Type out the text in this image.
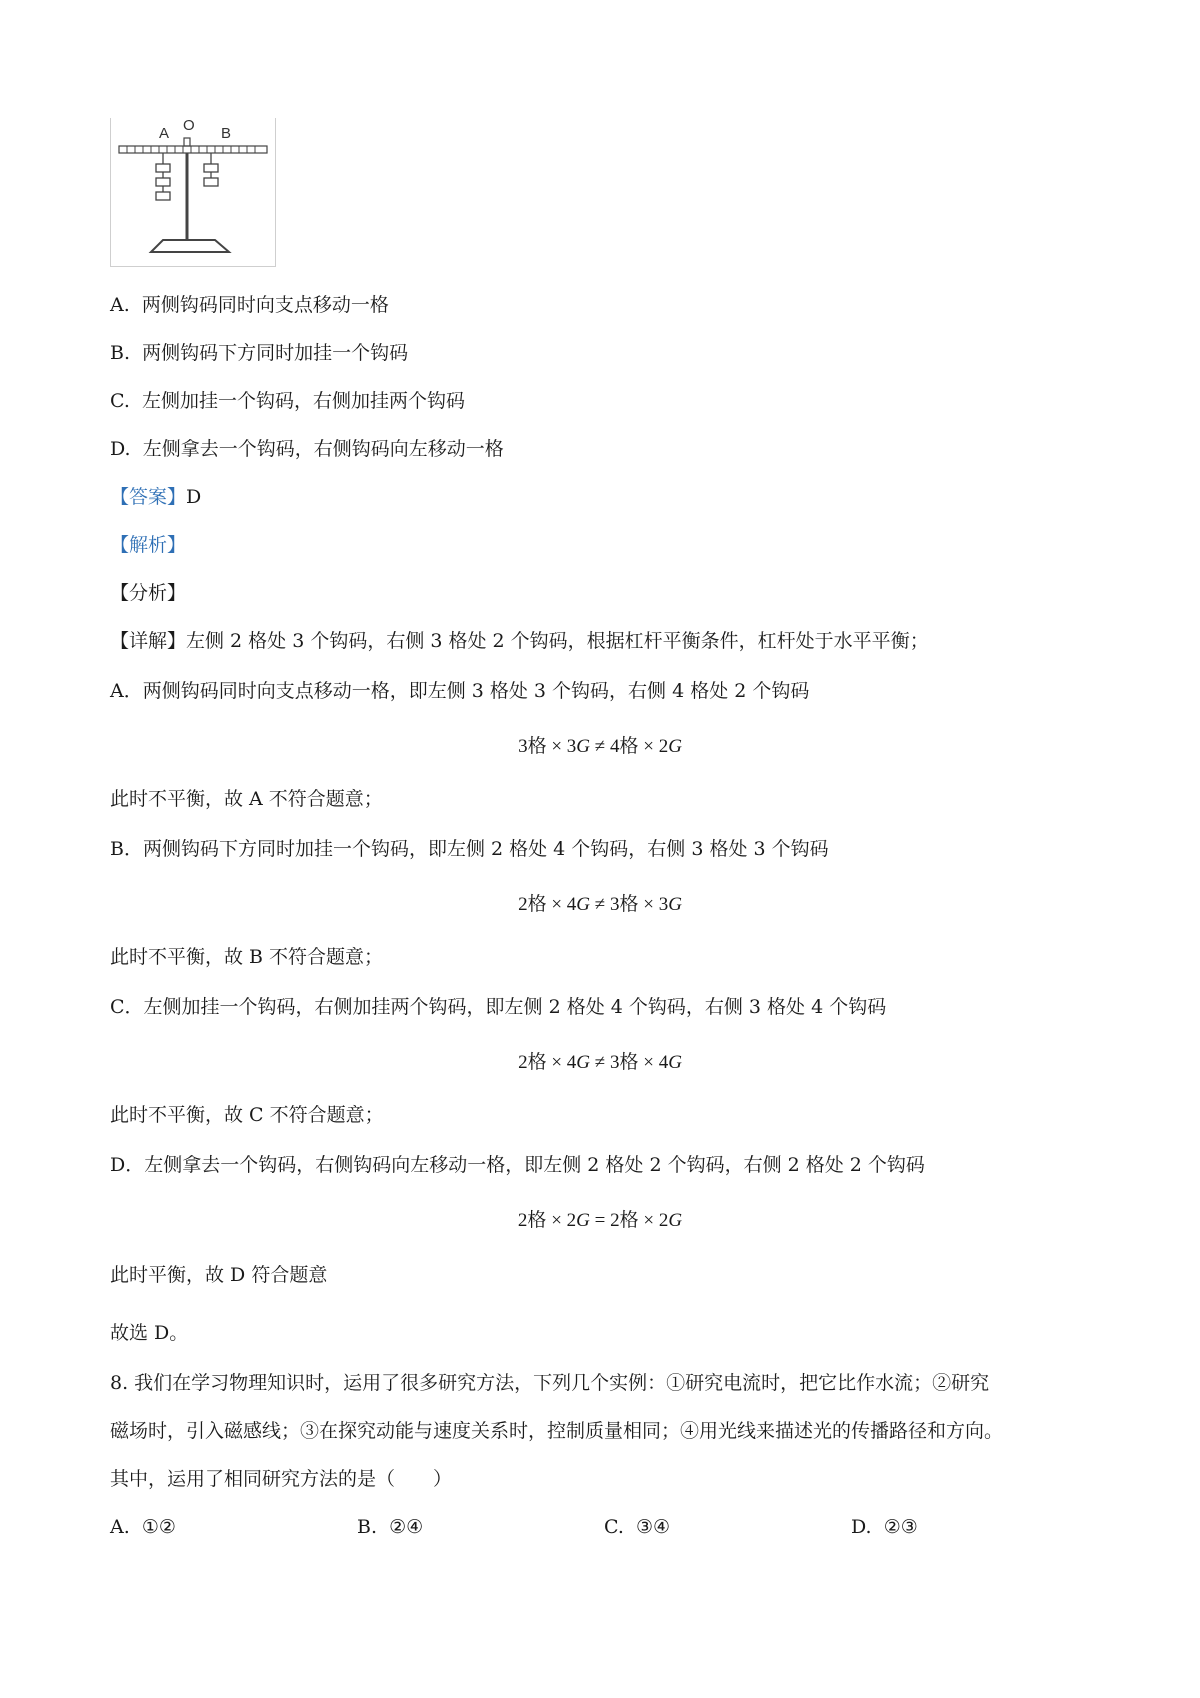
A O B
A. 两侧钩码同时向支点移动一格
B. 两侧钩码下方同时加挂一个钩码
C. 左侧加挂一个钩码，右侧加挂两个钩码
D. 左侧拿去一个钩码，右侧钩码向左移动一格
【答案】D
【解析】
【分析】
【详解】左侧 2 格处 3 个钩码，右侧 3 格处 2 个钩码，根据杠杆平衡条件，杠杆处于水平平衡；
A．两侧钩码同时向支点移动一格，即左侧 3 格处 3 个钩码，右侧 4 格处 2 个钩码
3格 × 3G ≠ 4格 × 2G
此时不平衡，故 A 不符合题意；
B．两侧钩码下方同时加挂一个钩码，即左侧 2 格处 4 个钩码，右侧 3 格处 3 个钩码
2格 × 4G ≠ 3格 × 3G
此时不平衡，故 B 不符合题意；
C．左侧加挂一个钩码，右侧加挂两个钩码，即左侧 2 格处 4 个钩码，右侧 3 格处 4 个钩码
2格 × 4G ≠ 3格 × 4G
此时不平衡，故 C 不符合题意；
D．左侧拿去一个钩码，右侧钩码向左移动一格，即左侧 2 格处 2 个钩码，右侧 2 格处 2 个钩码
2格 × 2G = 2格 × 2G
此时平衡，故 D 符合题意
故选 D。
8. 我们在学习物理知识时，运用了很多研究方法，下列几个实例：①研究电流时，把它比作水流；②研究
磁场时，引入磁感线；③在探究动能与速度关系时，控制质量相同；④用光线来描述光的传播路径和方向。
其中，运用了相同研究方法的是（　　）
A. ①②	B. ②④	C. ③④	D. ②③
